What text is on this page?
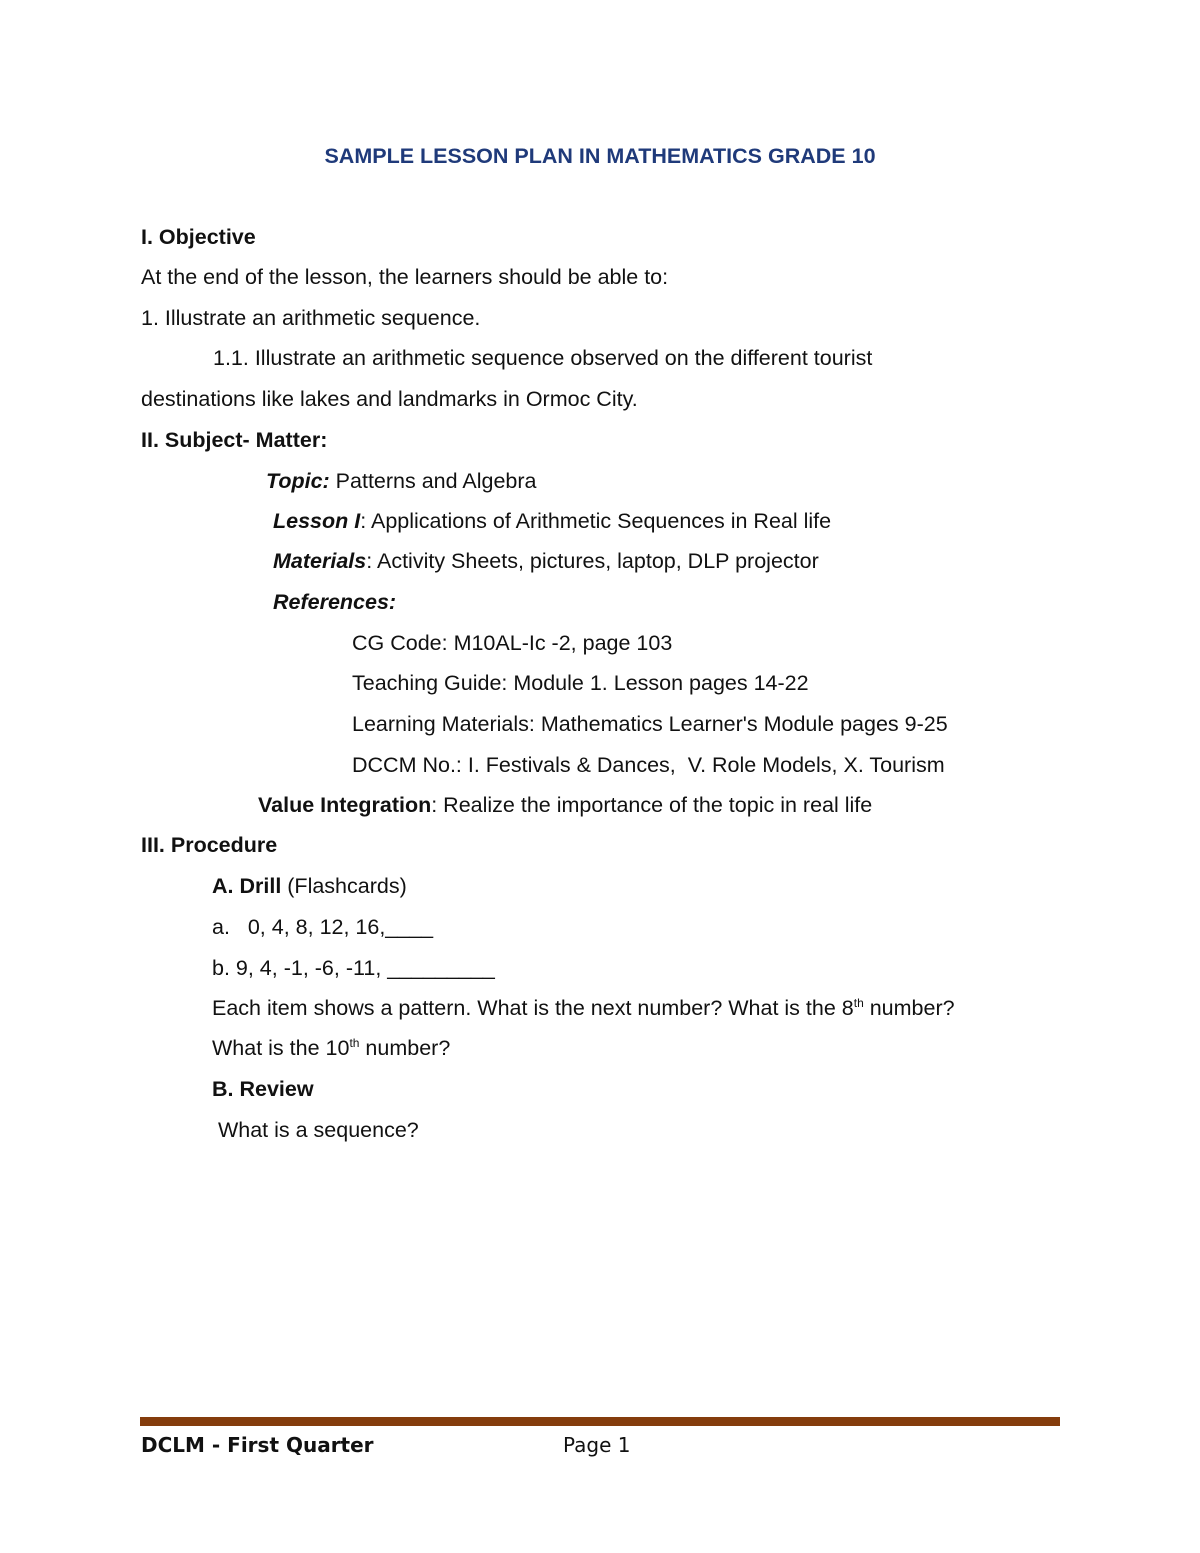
SAMPLE LESSON PLAN IN MATHEMATICS GRADE 10
I. Objective
At the end of the lesson, the learners should be able to:
1. Illustrate an arithmetic sequence.
1.1. Illustrate an arithmetic sequence observed on the different tourist
destinations like lakes and landmarks in Ormoc City.
II. Subject- Matter:
Topic: Patterns and Algebra
Lesson I: Applications of Arithmetic Sequences in Real life
Materials: Activity Sheets, pictures, laptop, DLP projector
References:
CG Code: M10AL-Ic -2, page 103
Teaching Guide: Module 1. Lesson pages 14-22
Learning Materials: Mathematics Learner's Module pages 9-25
DCCM No.: I. Festivals & Dances,  V. Role Models, X. Tourism
Value Integration: Realize the importance of the topic in real life
III. Procedure
A. Drill (Flashcards)
a.   0, 4, 8, 12, 16,____
b. 9, 4, -1, -6, -11, _________
Each item shows a pattern. What is the next number? What is the 8th number?
What is the 10th number?
B. Review
What is a sequence?
DCLM - First Quarter	Page 1
